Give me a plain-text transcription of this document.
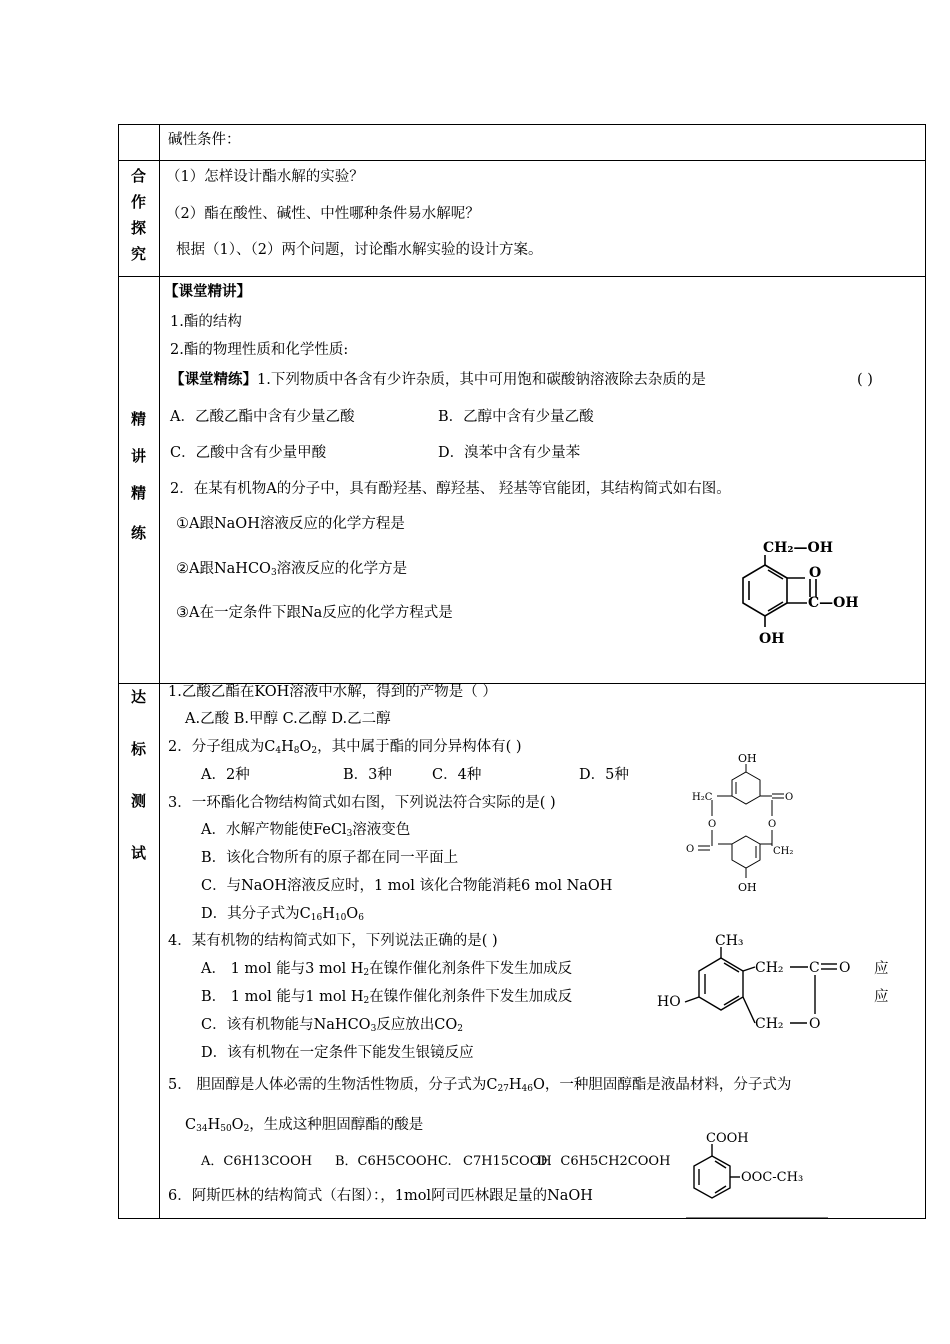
碱性条件：
合
作
探
究
（1）怎样设计酯水解的实验？
（2）酯在酸性、碱性、中性哪种条件易水解呢？
根据（1）、（2）两个问题，讨论酯水解实验的设计方案。
精
讲
精
练
【课堂精讲】
1.酯的结构
2.酯的物理性质和化学性质:
【课堂精练】1.下列物质中各含有少许杂质，其中可用饱和碳酸钠溶液除去杂质的是	( )
A．乙酸乙酯中含有少量乙酸	B．乙醇中含有少量乙酸
C．乙酸中含有少量甲酸	D．溴苯中含有少量苯
2．在某有机物A的分子中，具有酚羟基、醇羟基、 羟基等官能团，其结构简式如右图。
①A跟NaOH溶液反应的化学方程是
②A跟NaHCO$_3$溶液反应的化学方是
③A在一定条件下跟Na反应的化学方程式是
CH₂—OH
O
C—OH
OH
达
标
测
试
1.乙酸乙酯在KOH溶液中水解，得到的产物是（ ）
A.乙酸 B.甲醇 C.乙醇 D.乙二醇
2．分子组成为$C_4H_8O_2$，其中属于酯的同分异构体有( )
A．2种	B．3种	C．4种	D．5种
3．一环酯化合物结构简式如右图，下列说法符合实际的是( )
A．水解产物能使FeCl$_3$溶液变色
B．该化合物所有的原子都在同一平面上
C．与NaOH溶液反应时，1 mol 该化合物能消耗6 mol NaOH
D．其分子式为$C_{16}H_{10}O_6$
4．某有机物的结构简式如下，下列说法正确的是( )
A． 1 mol 能与3 mol $H_2$在镍作催化剂条件下发生加成反	应
B． 1 mol 能与1 mol $H_2$在镍作催化剂条件下发生加成反	应
C．该有机物能与NaHCO$_3$反应放出$CO_2$
D．该有机物在一定条件下能发生银镜反应
5． 胆固醇是人体必需的生物活性物质，分子式为$C_{27}H_{46}O$，一种胆固醇酯是液晶材料，分子式为
$C_{34}H_{50}O_2$，生成这种胆固醇酯的酸是
A．C6H13COOH B．C6H5COOHC. C7H15COOH
D．C6H5CH2COOH
6．阿斯匹林的结构简式（右图）：，1mol阿司匹林跟足量的NaOH
OH
OH
H₂C
CH₂
O	O
O
O
CH₃
CH₂ C O
CH₂ O
HO
COOH
OOC-CH₃
